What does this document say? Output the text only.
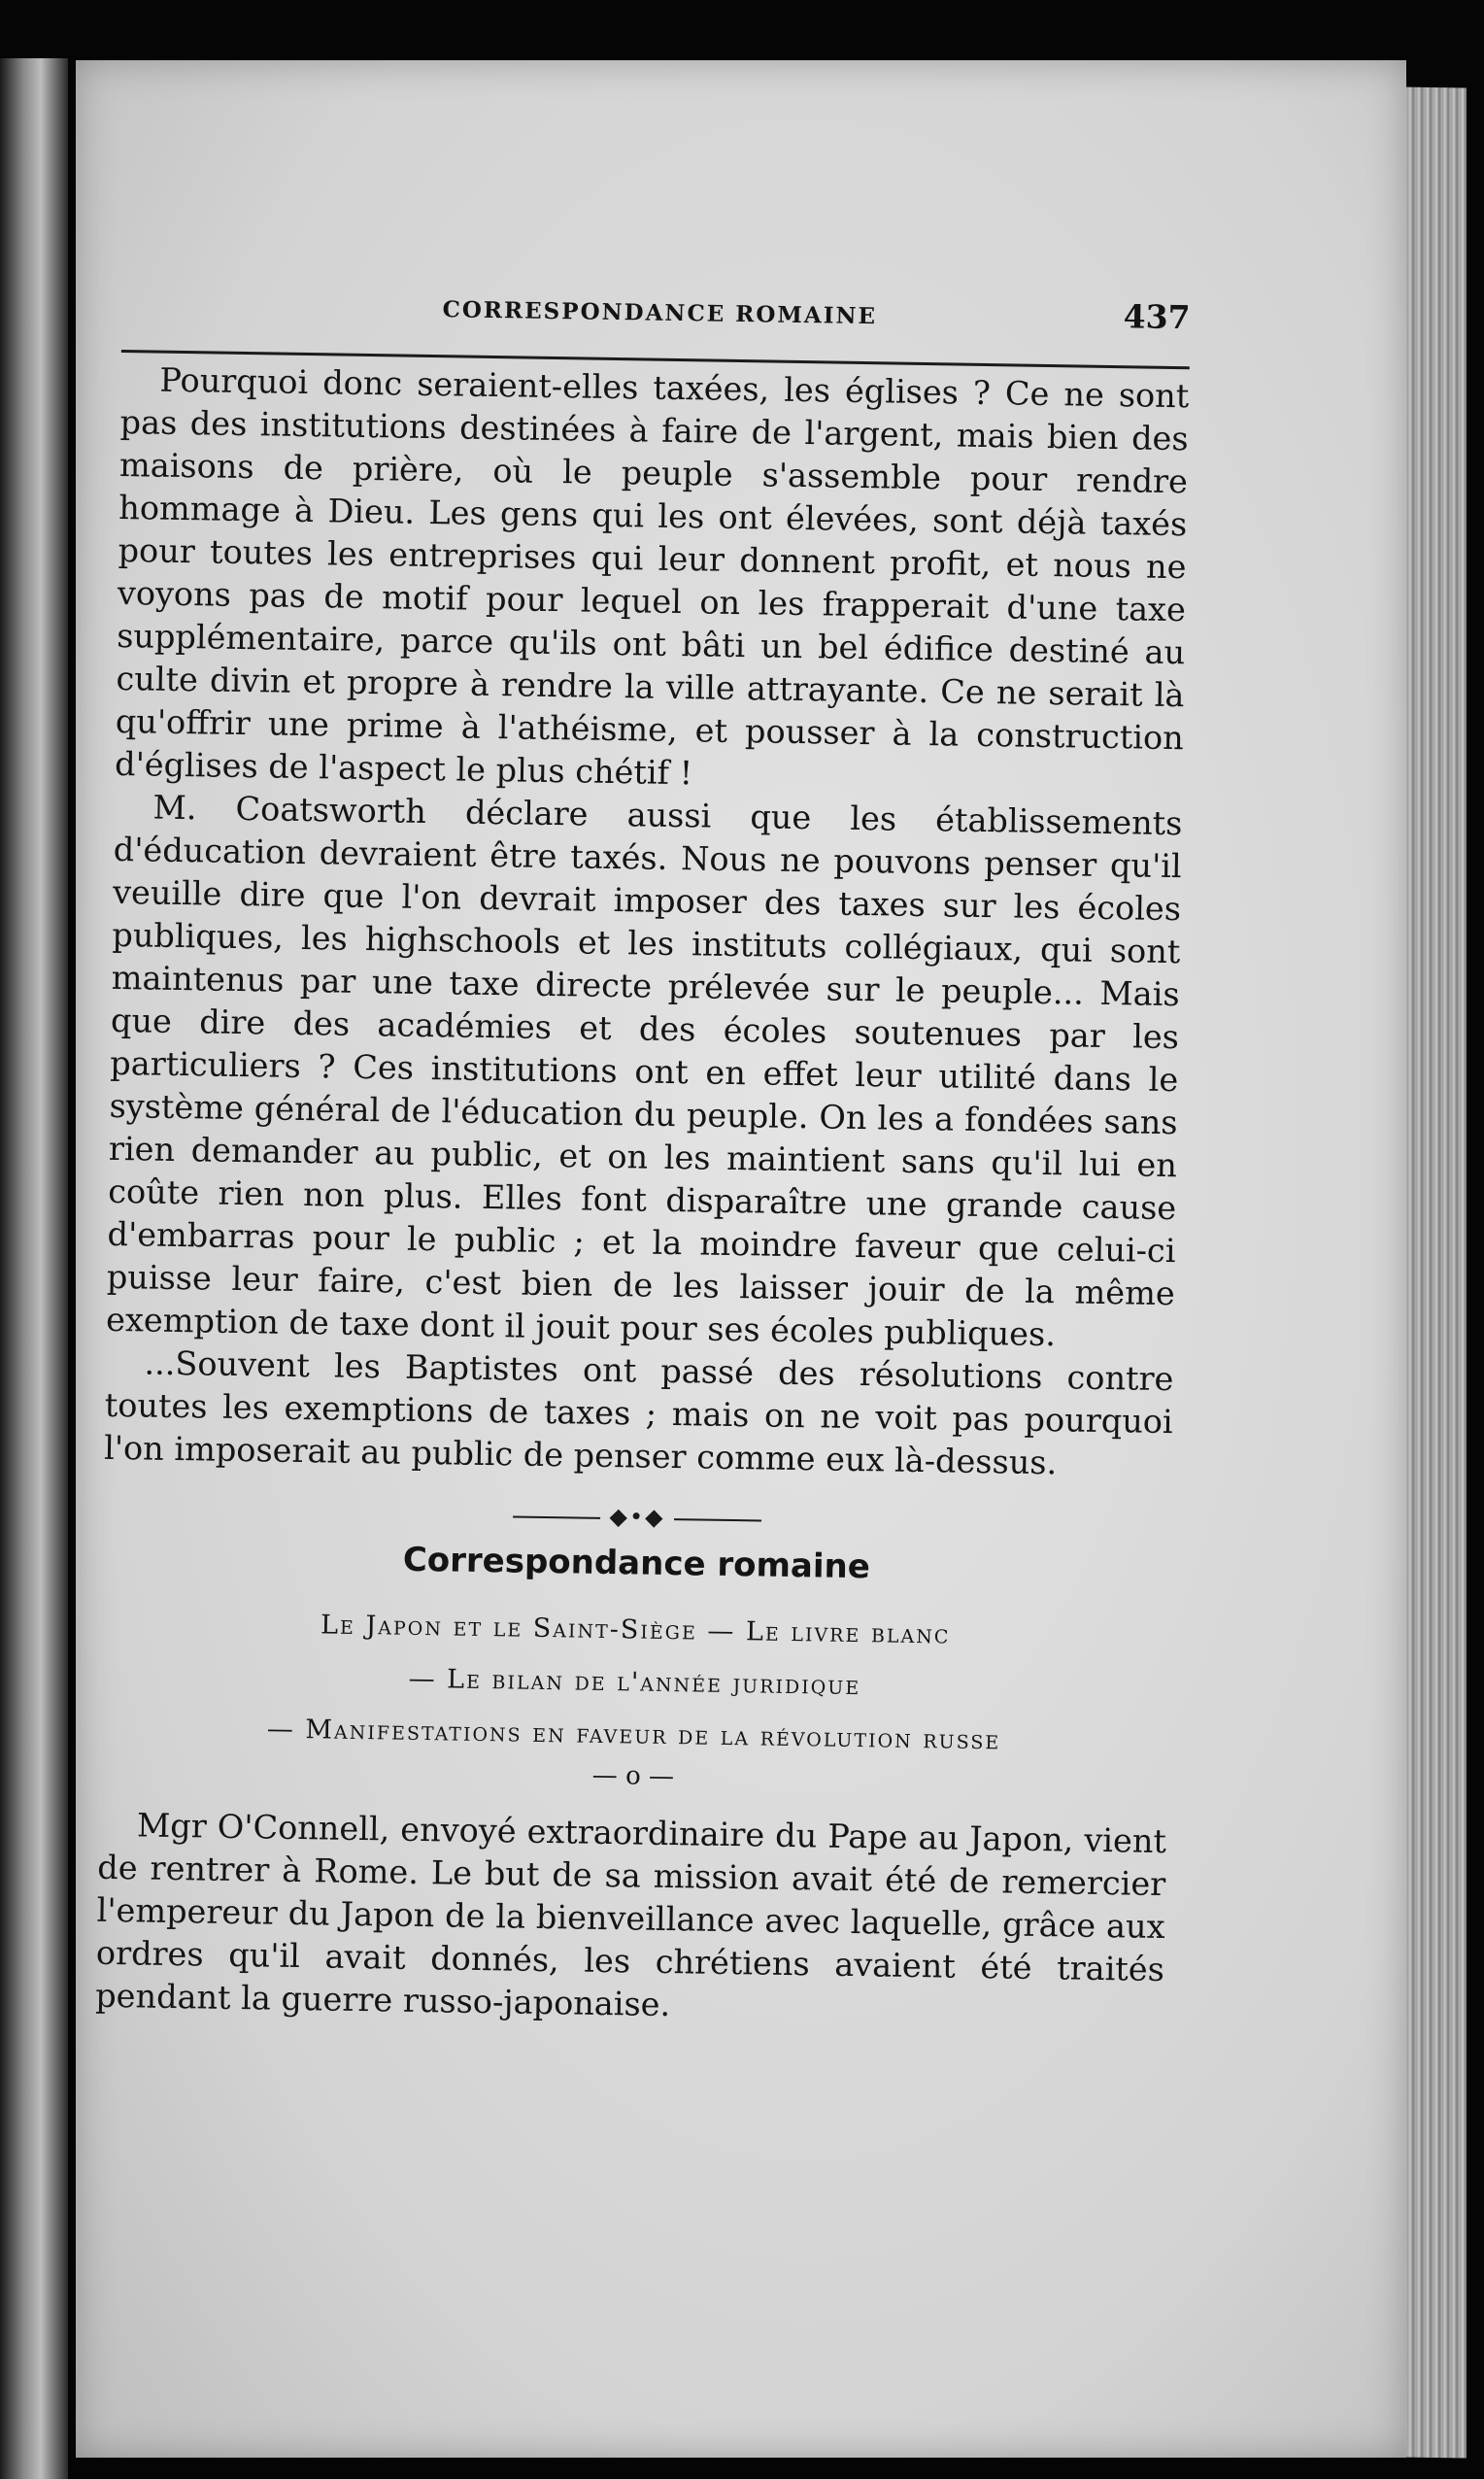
CORRESPONDANCE ROMAINE	437

Pourquoi donc seraient-elles taxées, les églises ? Ce ne sont pas des institutions destinées à faire de l'argent, mais bien des maisons de prière, où le peuple s'assemble pour rendre hommage à Dieu. Les gens qui les ont élevées, sont déjà taxés pour toutes les entreprises qui leur donnent profit, et nous ne voyons pas de motif pour lequel on les frapperait d'une taxe supplémentaire, parce qu'ils ont bâti un bel édifice destiné au culte divin et propre à rendre la ville attrayante. Ce ne serait là qu'offrir une prime à l'athéisme, et pousser à la construction d'églises de l'aspect le plus chétif !

M. Coatsworth déclare aussi que les établissements d'éducation devraient être taxés. Nous ne pouvons penser qu'il veuille dire que l'on devrait imposer des taxes sur les écoles publiques, les highschools et les instituts collégiaux, qui sont maintenus par une taxe directe prélevée sur le peuple... Mais que dire des académies et des écoles soutenues par les particuliers ? Ces institutions ont en effet leur utilité dans le système général de l'éducation du peuple. On les a fondées sans rien demander au public, et on les maintient sans qu'il lui en coûte rien non plus. Elles font disparaître une grande cause d'embarras pour le public ; et la moindre faveur que celui-ci puisse leur faire, c'est bien de les laisser jouir de la même exemption de taxe dont il jouit pour ses écoles publiques.

...Souvent les Baptistes ont passé des résolutions contre toutes les exemptions de taxes ; mais on ne voit pas pourquoi l'on imposerait au public de penser comme eux là-dessus.

◆•◆
Correspondance romaine

Le Japon et le Saint-Siège — Le livre blanc

— Le bilan de l'année juridique

— Manifestations en faveur de la révolution russe

— o —

Mgr O'Connell, envoyé extraordinaire du Pape au Japon, vient de rentrer à Rome. Le but de sa mission avait été de remercier l'empereur du Japon de la bienveillance avec laquelle, grâce aux ordres qu'il avait donnés, les chrétiens avaient été traités pendant la guerre russo-japonaise.
